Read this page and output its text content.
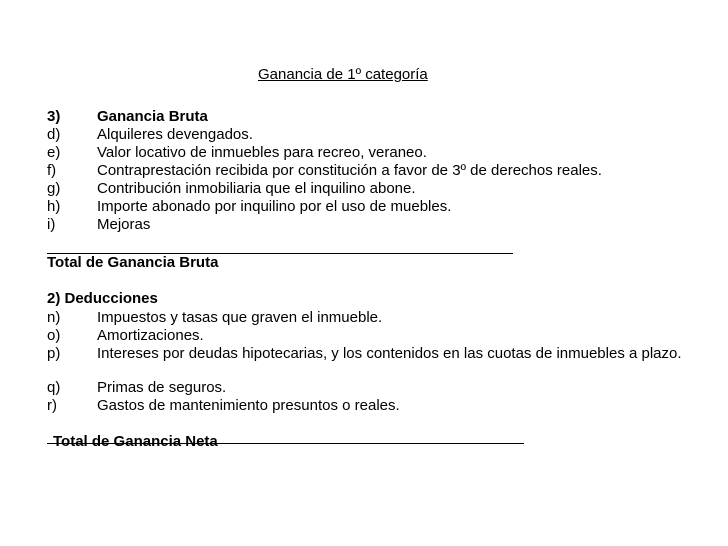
Ganancia de 1º categoría
3) Ganancia Bruta
d) Alquileres devengados.
e) Valor locativo de inmuebles para recreo, veraneo.
f)	Contraprestación recibida por constitución a favor de 3º de derechos reales.
g) Contribución inmobiliaria que el inquilino abone.
h) Importe abonado por inquilino por el uso de muebles.
i)	Mejoras
Total de Ganancia Bruta
2) Deducciones
n) Impuestos y tasas que graven el inmueble.
o) Amortizaciones.
p) Intereses por deudas hipotecarias, y los contenidos en las cuotas de inmuebles a plazo.
q) Primas de seguros.
r)	Gastos de mantenimiento presuntos o reales.
Total de Ganancia Neta
